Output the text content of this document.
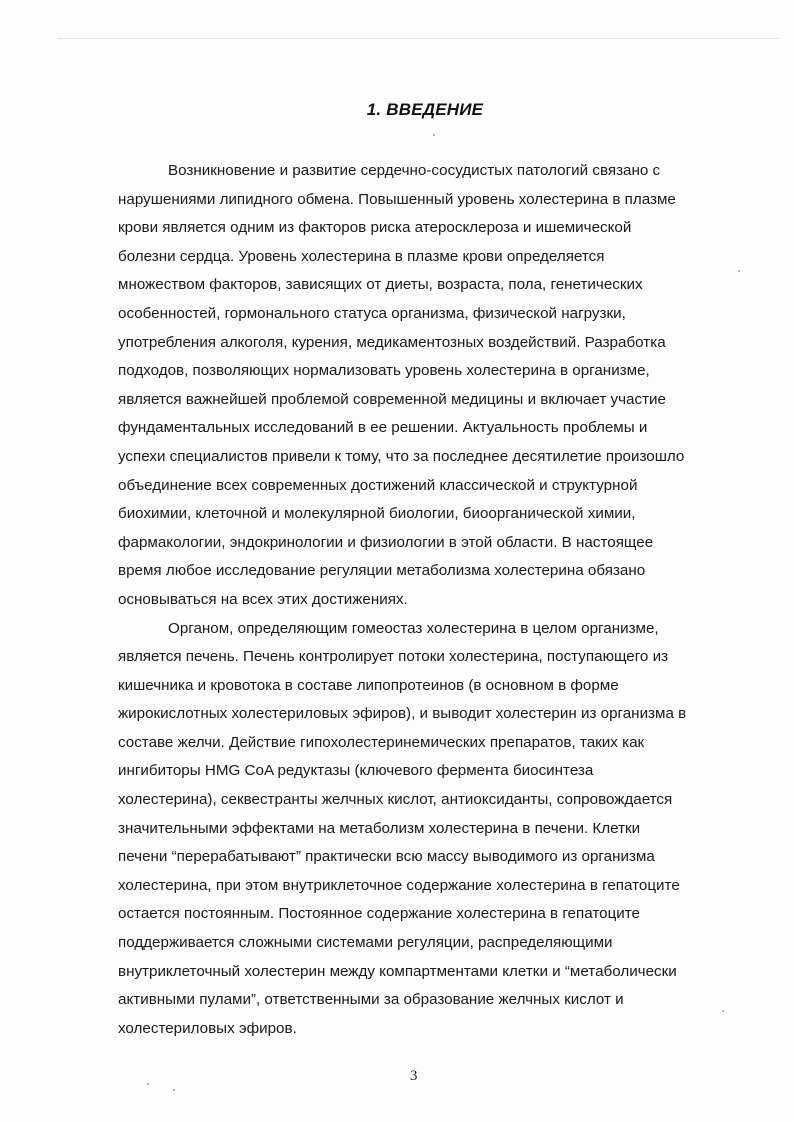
1. ВВЕДЕНИЕ

Возникновение и развитие сердечно-сосудистых патологий связано с
нарушениями липидного обмена. Повышенный уровень холестерина в плазме
крови является одним из факторов риска атеросклероза и ишемической
болезни сердца. Уровень холестерина в плазме крови определяется
множеством факторов, зависящих от диеты, возраста, пола, генетических
особенностей, гормонального статуса организма, физической нагрузки,
употребления алкоголя, курения, медикаментозных воздействий. Разработка
подходов, позволяющих нормализовать уровень холестерина в организме,
является важнейшей проблемой современной медицины и включает участие
фундаментальных исследований в ее решении. Актуальность проблемы и
успехи специалистов привели к тому, что за последнее десятилетие произошло
объединение всех современных достижений классической и структурной
биохимии, клеточной и молекулярной биологии, биоорганической химии,
фармакологии, эндокринологии и физиологии в этой области. В настоящее
время любое исследование регуляции метаболизма холестерина обязано
основываться на всех этих достижениях.

Органом, определяющим гомеостаз холестерина в целом организме,
является печень. Печень контролирует потоки холестерина, поступающего из
кишечника и кровотока в составе липопротеинов (в основном в форме
жирокислотных холестериловых эфиров), и выводит холестерин из организма в
составе желчи. Действие гипохолестеринемических препаратов, таких как
ингибиторы HMG CoA редуктазы (ключевого фермента биосинтеза
холестерина), секвестранты желчных кислот, антиоксиданты, сопровождается
значительными эффектами на метаболизм холестерина в печени. Клетки
печени “перерабатывают” практически всю массу выводимого из организма
холестерина, при этом внутриклеточное содержание холестерина в гепатоците
остается постоянным. Постоянное содержание холестерина в гепатоците
поддерживается сложными системами регуляции, распределяющими
внутриклеточный холестерин между компартментами клетки и “метаболически
активными пулами”, ответственными за образование желчных кислот и
холестериловых эфиров.

3
